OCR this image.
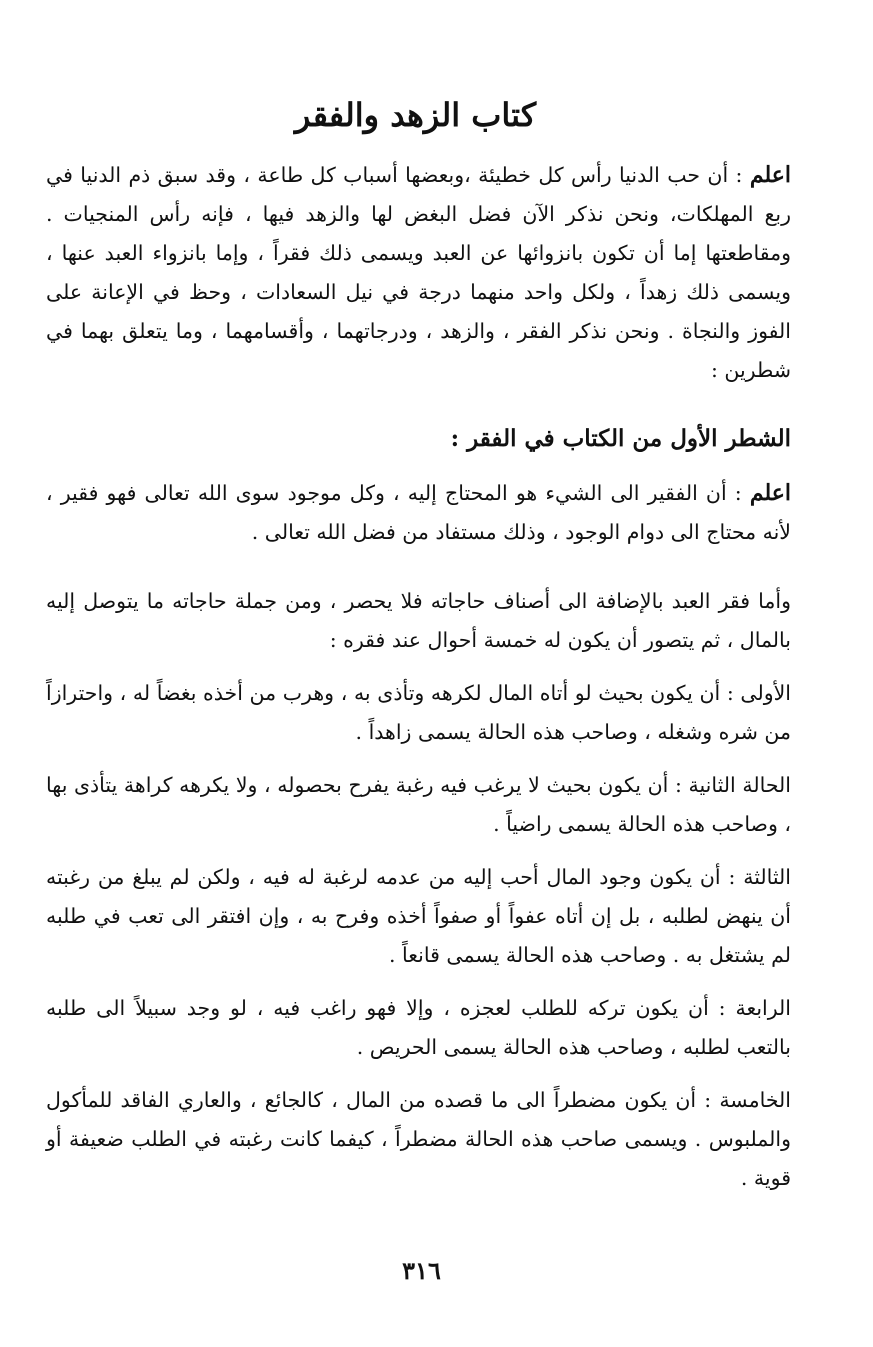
كتاب الزهد والفقر

اعلم : أن حب الدنيا رأس كل خطيئة ،وبعضها أسباب كل طاعة ، وقد سبق ذم الدنيا في ربع المهلكات، ونحن نذكر الآن فضل البغض لها والزهد فيها ، فإنه رأس المنجيات . ومقاطعتها إما أن تكون بانزوائها عن العبد ويسمى ذلك فقراً ، وإما بانزواء العبد عنها ، ويسمى ذلك زهداً ، ولكل واحد منهما درجة في نيل السعادات ، وحظ في الإعانة على الفوز والنجاة . ونحن نذكر الفقر ، والزهد ، ودرجاتهما ، وأقسامهما ، وما يتعلق بهما في شطرين :

الشطر الأول من الكتاب في الفقر :

اعلم : أن الفقير الى الشيء هو المحتاج إليه ، وكل موجود سوى الله تعالى فهو فقير ، لأنه محتاج الى دوام الوجود ، وذلك مستفاد من فضل الله تعالى .

وأما فقر العبد بالإضافة الى أصناف حاجاته فلا يحصر ، ومن جملة حاجاته ما يتوصل إليه بالمال ، ثم يتصور أن يكون له خمسة أحوال عند فقره :

الأولى : أن يكون بحيث لو أتاه المال لكرهه وتأذى به ، وهرب من أخذه بغضاً له ، واحترازاً من شره وشغله ، وصاحب هذه الحالة يسمى زاهداً .

الحالة الثانية : أن يكون بحيث لا يرغب فيه رغبة يفرح بحصوله ، ولا يكرهه كراهة يتأذى بها ، وصاحب هذه الحالة يسمى راضياً .

الثالثة : أن يكون وجود المال أحب إليه من عدمه لرغبة له فيه ، ولكن لم يبلغ من رغبته أن ينهض لطلبه ، بل إن أتاه عفواً أو صفواً أخذه وفرح به ، وإن افتقر الى تعب في طلبه لم يشتغل به . وصاحب هذه الحالة يسمى قانعاً .

الرابعة : أن يكون تركه للطلب لعجزه ، وإلا فهو راغب فيه ، لو وجد سبيلاً الى طلبه بالتعب لطلبه ، وصاحب هذه الحالة يسمى الحريص .

الخامسة : أن يكون مضطراً الى ما قصده من المال ، كالجائع ، والعاري الفاقد للمأكول والملبوس . ويسمى صاحب هذه الحالة مضطراً ، كيفما كانت رغبته في الطلب ضعيفة أو قوية .

٣١٦
